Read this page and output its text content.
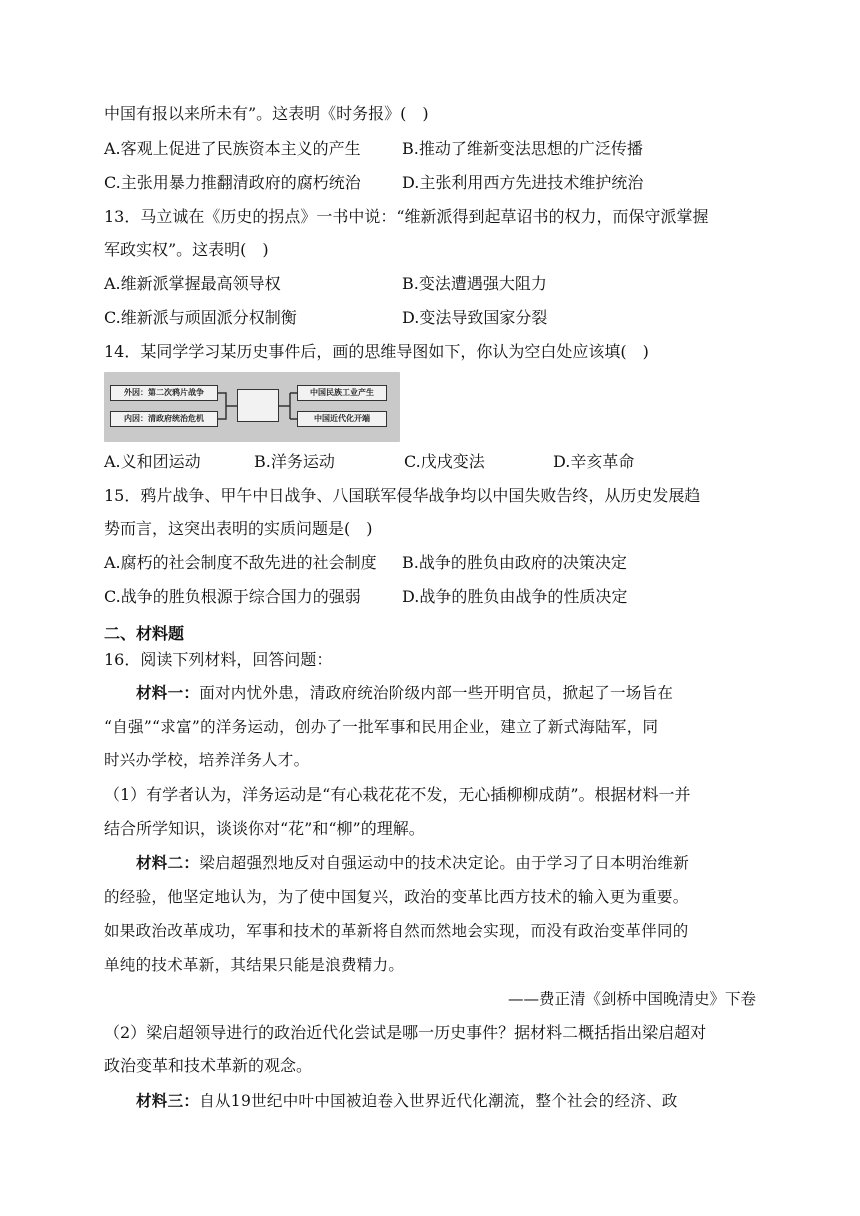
中国有报以来所未有”。这表明《时务报》(　)
A.客观上促进了民族资本主义的产生	B.推动了维新变法思想的广泛传播
C.主张用暴力推翻清政府的腐朽统治	D.主张利用西方先进技术维护统治
13．马立诚在《历史的拐点》一书中说：“维新派得到起草诏书的权力，而保守派掌握
军政实权”。这表明(　)
A.维新派掌握最高领导权	B.变法遭遇强大阻力
C.维新派与顽固派分权制衡	D.变法导致国家分裂
14．某同学学习某历史事件后，画的思维导图如下，你认为空白处应该填(　)
外因：第二次鸦片战争
内因：清政府统治危机
中国民族工业产生
中国近代化开端
A.义和团运动	B.洋务运动	C.戊戌变法	D.辛亥革命
15．鸦片战争、甲午中日战争、八国联军侵华战争均以中国失败告终，从历史发展趋
势而言，这突出表明的实质问题是(　)
A.腐朽的社会制度不敌先进的社会制度 B.战争的胜负由政府的决策决定
C.战争的胜负根源于综合国力的强弱	D.战争的胜负由战争的性质决定
二、材料题
16．阅读下列材料，回答问题：
材料一：面对内忧外患，清政府统治阶级内部一些开明官员，掀起了一场旨在
“自强”“求富”的洋务运动，创办了一批军事和民用企业，建立了新式海陆军，同
时兴办学校，培养洋务人才。
（1）有学者认为，洋务运动是“有心栽花花不发，无心插柳柳成荫”。根据材料一并
结合所学知识，谈谈你对“花”和“柳”的理解。
材料二：梁启超强烈地反对自强运动中的技术决定论。由于学习了日本明治维新
的经验，他坚定地认为，为了使中国复兴，政治的变革比西方技术的输入更为重要。
如果政治改革成功，军事和技术的革新将自然而然地会实现，而没有政治变革伴同的
单纯的技术革新，其结果只能是浪费精力。
——费正清《剑桥中国晚清史》下卷
（2）梁启超领导进行的政治近代化尝试是哪一历史事件？据材料二概括指出梁启超对
政治变革和技术革新的观念。
材料三：自从19世纪中叶中国被迫卷入世界近代化潮流，整个社会的经济、政
